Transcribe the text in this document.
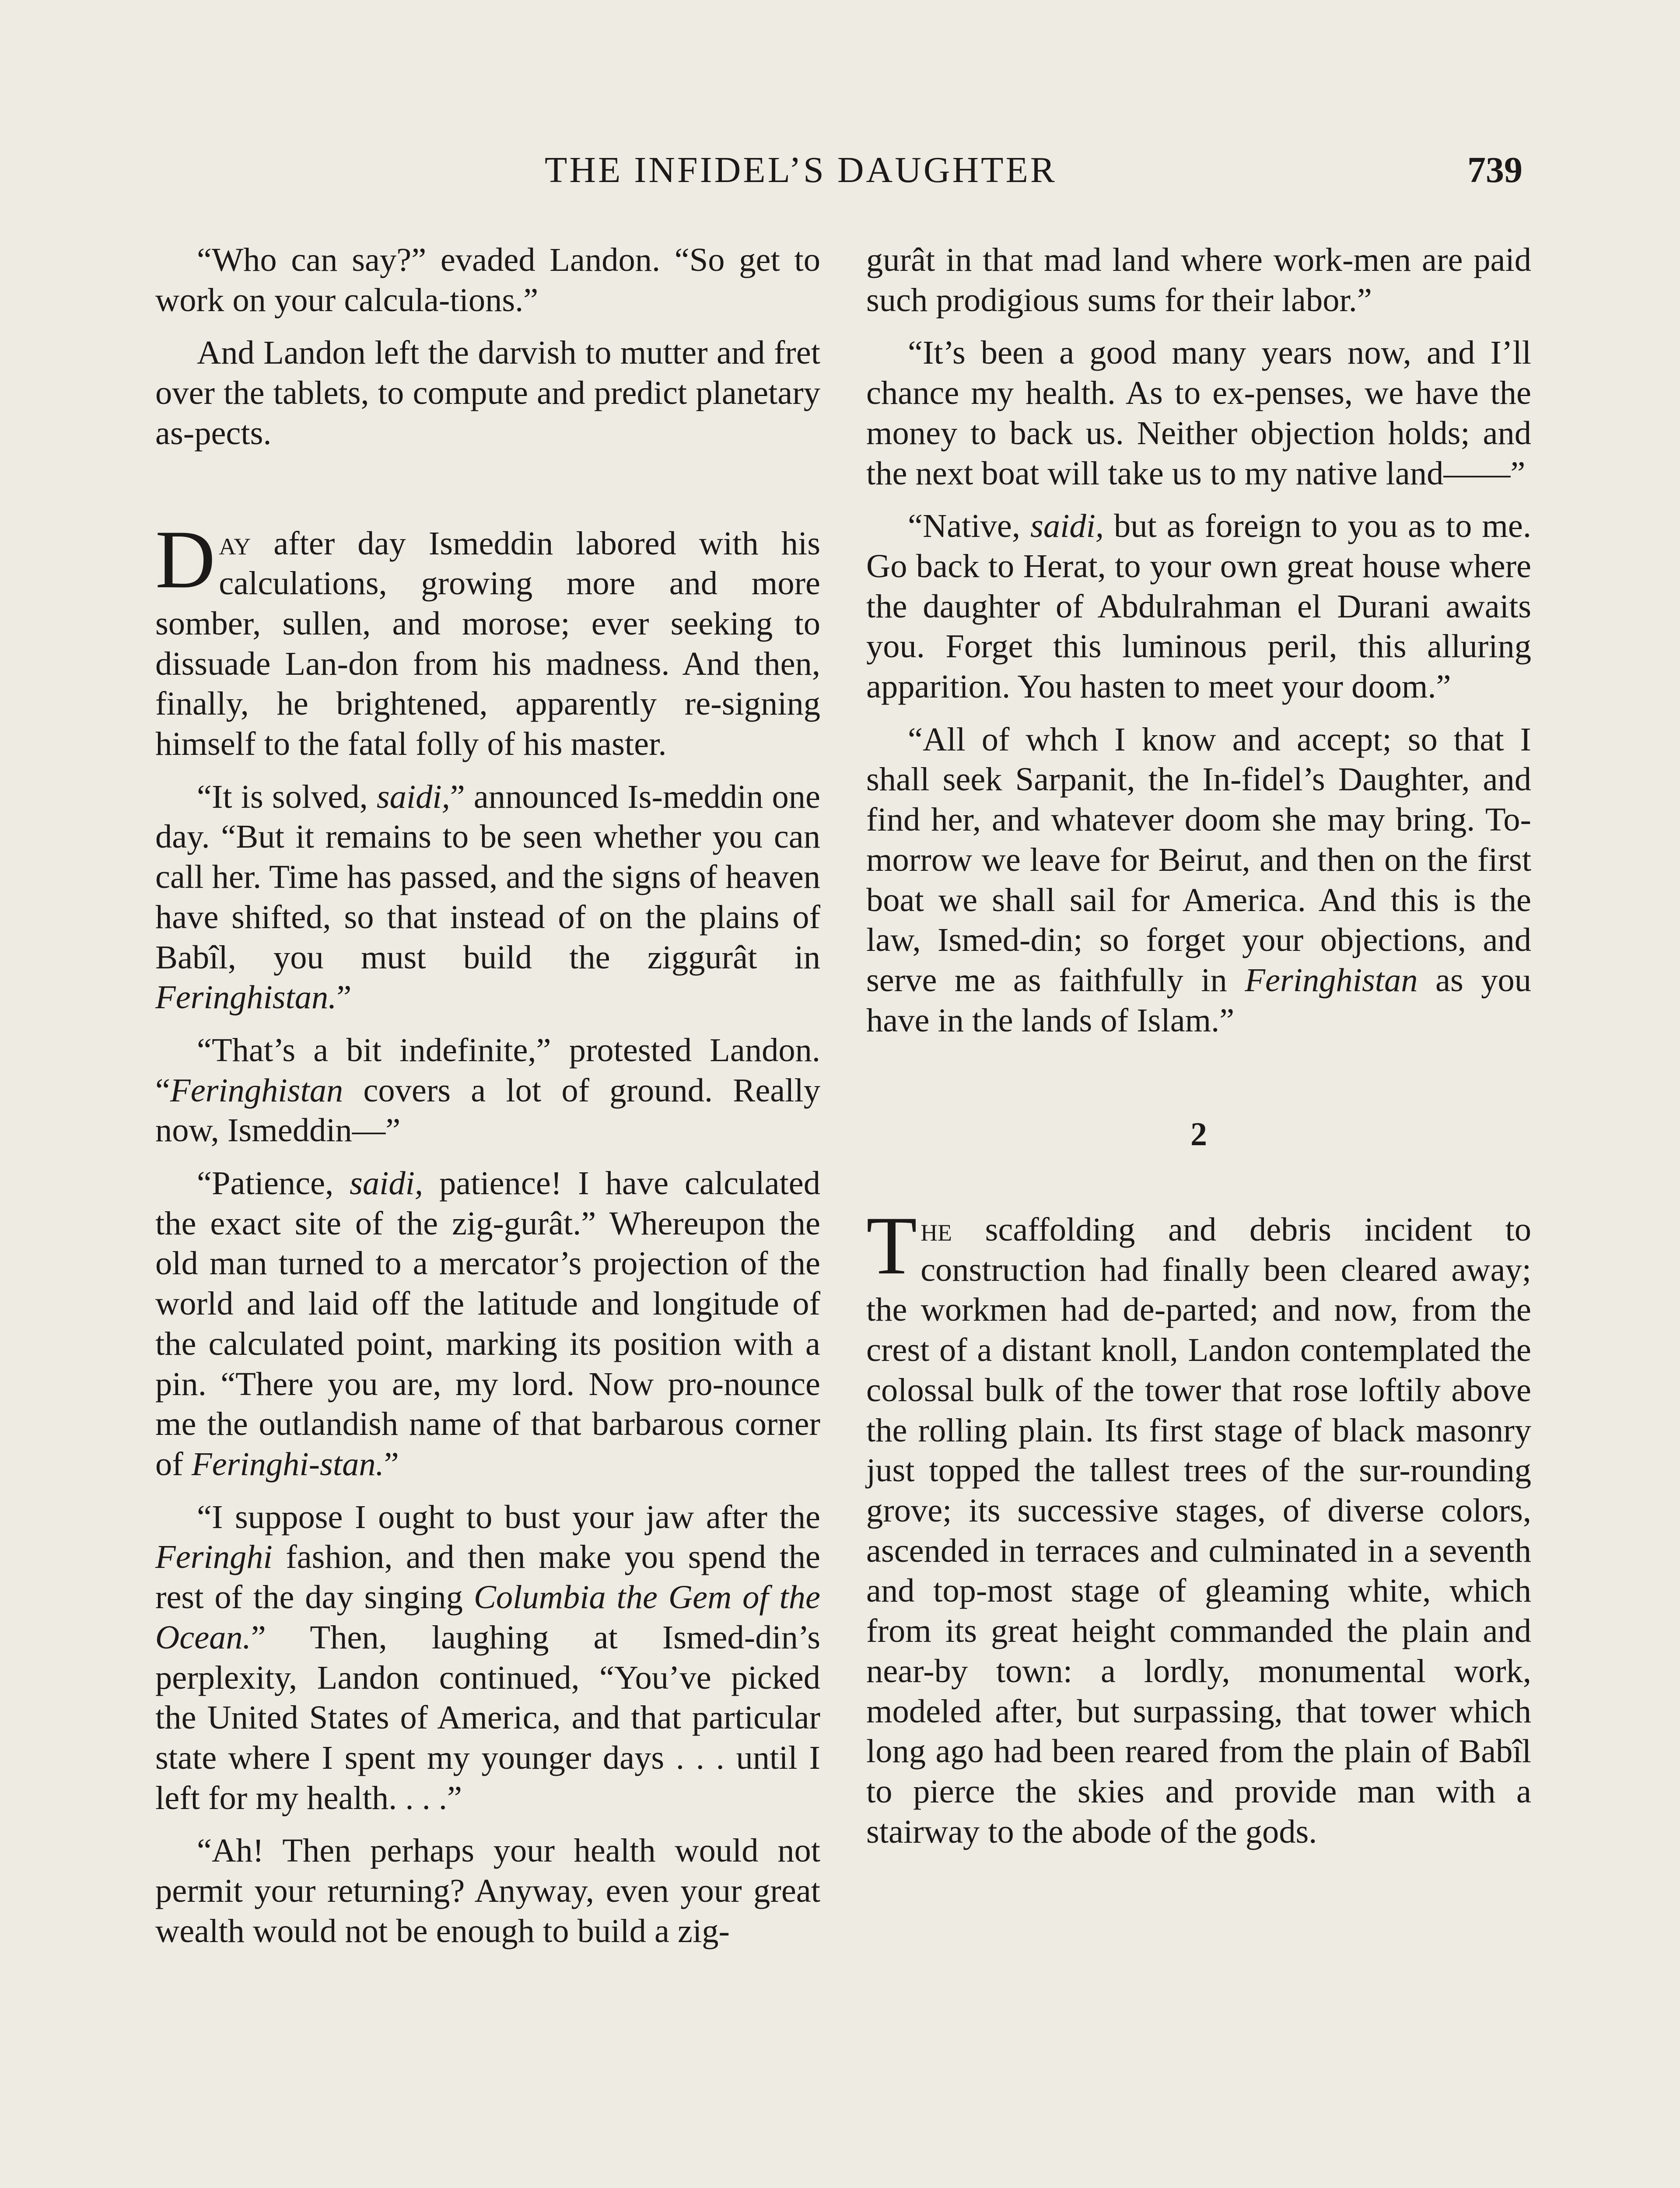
THE INFIDEL’S DAUGHTER	739

“Who can say?” evaded Landon. “So get to work on your calcula-tions.”

And Landon left the darvish to mutter and fret over the tablets, to compute and predict planetary as-pects.

Day after day Ismeddin labored with his calculations, growing more and more somber, sullen, and morose; ever seeking to dissuade Lan-don from his madness. And then, finally, he brightened, apparently re-signing himself to the fatal folly of his master.

“It is solved, saidi,” announced Is-meddin one day. “But it remains to be seen whether you can call her. Time has passed, and the signs of heaven have shifted, so that instead of on the plains of Babîl, you must build the ziggurât in Feringhistan.”

“That’s a bit indefinite,” protested Landon. “Feringhistan covers a lot of ground. Really now, Ismeddin—”

“Patience, saidi, patience! I have calculated the exact site of the zig-gurât.” Whereupon the old man turned to a mercator’s projection of the world and laid off the latitude and longitude of the calculated point, marking its position with a pin. “There you are, my lord. Now pro-nounce me the outlandish name of that barbarous corner of Feringhi-stan.”

“I suppose I ought to bust your jaw after the Feringhi fashion, and then make you spend the rest of the day singing Columbia the Gem of the Ocean.” Then, laughing at Ismed-din’s perplexity, Landon continued, “You’ve picked the United States of America, and that particular state where I spent my younger days . . . until I left for my health. . . .”

“Ah! Then perhaps your health would not permit your returning? Anyway, even your great wealth would not be enough to build a zig-

gurât in that mad land where work-men are paid such prodigious sums for their labor.”

“It’s been a good many years now, and I’ll chance my health. As to ex-penses, we have the money to back us. Neither objection holds; and the next boat will take us to my native land——”

“Native, saidi, but as foreign to you as to me. Go back to Herat, to your own great house where the daughter of Abdulrahman el Durani awaits you. Forget this luminous peril, this alluring apparition. You hasten to meet your doom.”

“All of whch I know and accept; so that I shall seek Sarpanit, the In-fidel’s Daughter, and find her, and whatever doom she may bring. To-morrow we leave for Beirut, and then on the first boat we shall sail for America. And this is the law, Ismed-din; so forget your objections, and serve me as faithfully in Feringhistan as you have in the lands of Islam.”

2

The scaffolding and debris incident to construction had finally been cleared away; the workmen had de-parted; and now, from the crest of a distant knoll, Landon contemplated the colossal bulk of the tower that rose loftily above the rolling plain. Its first stage of black masonry just topped the tallest trees of the sur-rounding grove; its successive stages, of diverse colors, ascended in terraces and culminated in a seventh and top-most stage of gleaming white, which from its great height commanded the plain and near-by town: a lordly, monumental work, modeled after, but surpassing, that tower which long ago had been reared from the plain of Babîl to pierce the skies and provide man with a stairway to the abode of the gods.
